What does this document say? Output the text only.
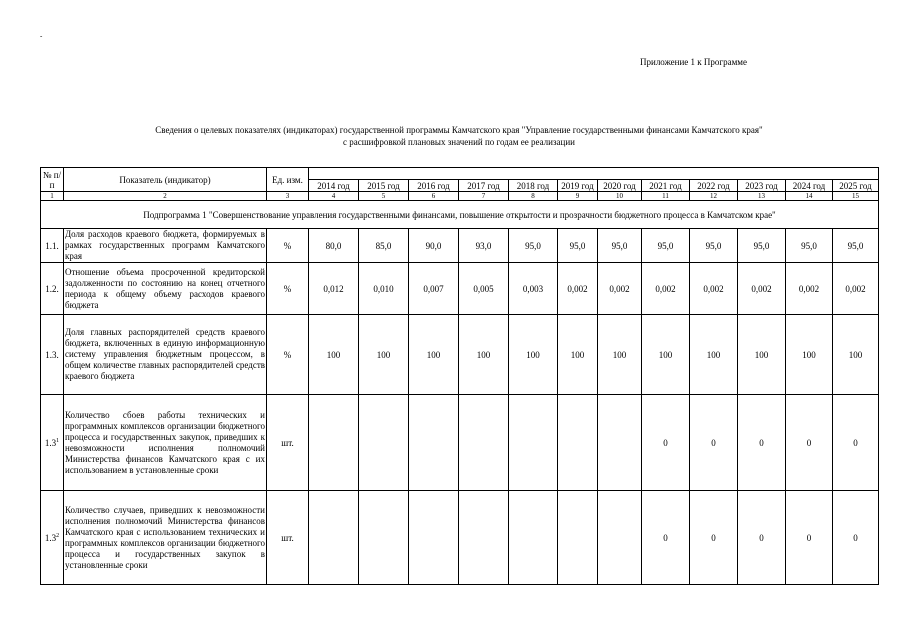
-
Приложение 1 к Программе
Сведения о целевых показателях (индикаторах) государственной программы Камчатского края "Управление государственными финансами Камчатского края"
с расшифровкой плановых значений по годам ее реализации
№ п/п	Показатель (индикатор)	Ед. изм.												
			2014 год	2015 год	2016 год	2017 год	2018 год	2019 год	2020 год	2021 год	2022 год	2023 год	2024 год	2025 год
1	2	3	4	5	6	7	8	9	10	11	12	13	14	15
Подпрограмма 1 "Совершенствование управления государственными финансами, повышение открытости и прозрачности бюджетного процесса в Камчатском крае"														
1.1.	Доля расходов краевого бюджета, формируемых в рамках государственных программ Камчатского края	%	80,0	85,0	90,0	93,0	95,0	95,0	95,0	95,0	95,0	95,0	95,0	95,0
1.2.	Отношение объема просроченной кредиторской задолженности по состоянию на конец отчетного периода к общему объему расходов краевого бюджета	%	0,012	0,010	0,007	0,005	0,003	0,002	0,002	0,002	0,002	0,002	0,002	0,002
1.3.	Доля главных распорядителей средств краевого бюджета, включенных в единую информационную систему управления бюджетным процессом, в общем количестве главных распорядителей средств краевого бюджета	%	100	100	100	100	100	100	100	100	100	100	100	100
$1.3^1$	Количество сбоев работы технических и программных комплексов организации бюджетного процесса и государственных закупок, приведших к невозможности исполнения полномочий Министерства финансов Камчатского края с их использованием в установленные сроки	шт.								0	0	0	0	0
$1.3^2$	Количество случаев, приведших к невозможности исполнения полномочий Министерства финансов Камчатского края с использованием технических и программных комплексов организации бюджетного процесса и государственных закупок в установленные сроки	шт.								0	0	0	0	0
